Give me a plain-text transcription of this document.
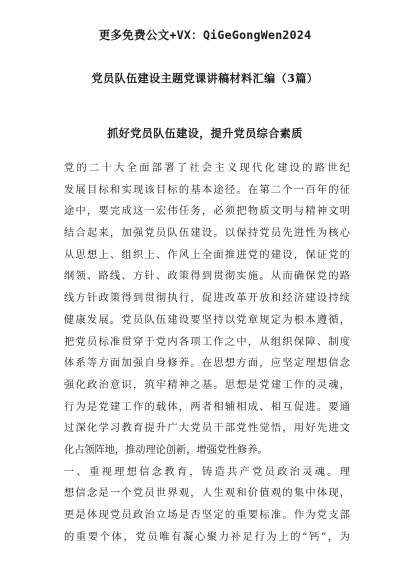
更多免费公文+VX：QiGeGongWen2024
党员队伍建设主题党课讲稿材料汇编（3篇）
抓好党员队伍建设，提升党员综合素质
党的二十大全面部署了社会主义现代化建设的路世纪
发展目标和实现该目标的基本途径。在第二个一百年的征
途中，要完成这一宏伟任务，必须把物质文明与精神文明
结合起来，加强党员队伍建设。以保持党员先进性为核心
从思想上、组织上、作风上全面推进党的建设，保证党的
纲领、路线、方针、政策得到贯彻实施。从而确保党的路
线方针政策得到贯彻执行，促进改革开放和经济建设持续
健康发展。党员队伍建设要坚持以党章规定为根本遵循，
把党员标准贯穿于党内各项工作之中，从组织保障、制度
体系等方面加强自身修养。在思想方面，应坚定理想信念
强化政治意识，筑牢精神之基。思想是党建工作的灵魂，
行为是党建工作的载体，两者相辅相成、相互促进。要通
过深化学习教育提升广大党员干部党性觉悟，用好先进文
化占领阵地，推动理论创新，增强党性修养。
一、重视理想信念教育，铸造共产党员政治灵魂。理
想信念是一个党员世界观，人生观和价值观的集中体现，
更是体现党员政治立场是否坚定的重要标准。作为党支部
的重要个体，党员唯有凝心聚力补足行为上的“钙”，为
